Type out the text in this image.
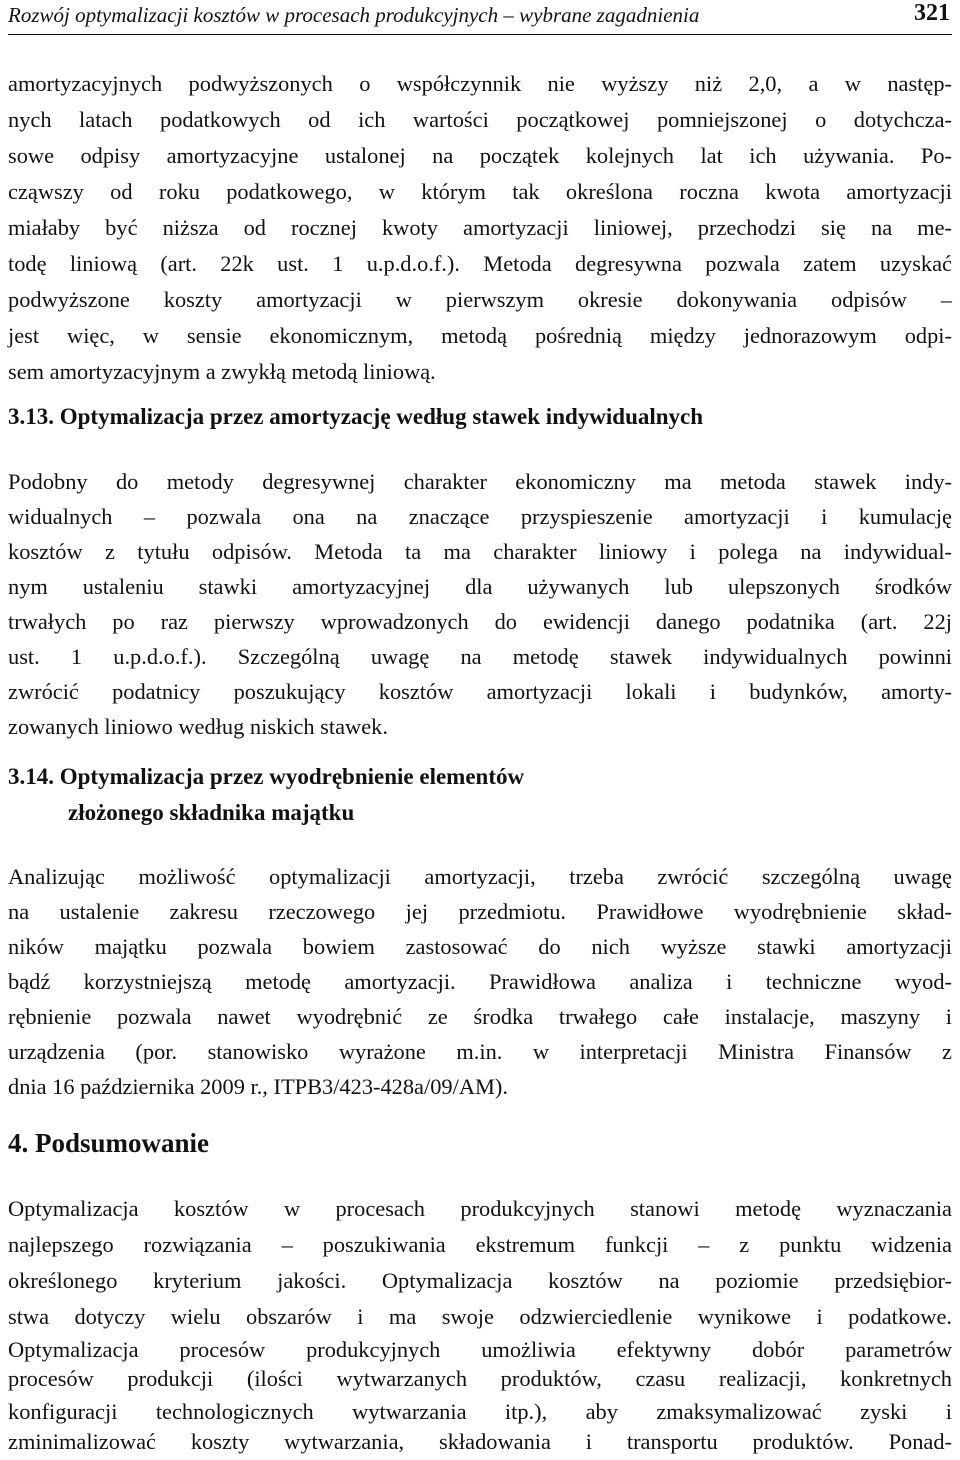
Rozwój optymalizacji kosztów w procesach produkcyjnych – wybrane zagadnienia	321
amortyzacyjnych podwyższonych o współczynnik nie wyższy niż 2,0, a w następ-
nych latach podatkowych od ich wartości początkowej pomniejszonej o dotychcza-
sowe odpisy amortyzacyjne ustalonej na początek kolejnych lat ich używania. Po-
cząwszy od roku podatkowego, w którym tak określona roczna kwota amortyzacji
miałaby być niższa od rocznej kwoty amortyzacji liniowej, przechodzi się na me-
todę liniową (art. 22k ust. 1 u.p.d.o.f.). Metoda degresywna pozwala zatem uzyskać
podwyższone koszty amortyzacji w pierwszym okresie dokonywania odpisów –
jest więc, w sensie ekonomicznym, metodą pośrednią między jednorazowym odpi-
sem amortyzacyjnym a zwykłą metodą liniową.
3.13. Optymalizacja przez amortyzację według stawek indywidualnych
Podobny do metody degresywnej charakter ekonomiczny ma metoda stawek indy-
widualnych – pozwala ona na znaczące przyspieszenie amortyzacji i kumulację
kosztów z tytułu odpisów. Metoda ta ma charakter liniowy i polega na indywidual-
nym ustaleniu stawki amortyzacyjnej dla używanych lub ulepszonych środków
trwałych po raz pierwszy wprowadzonych do ewidencji danego podatnika (art. 22j
ust. 1 u.p.d.o.f.). Szczególną uwagę na metodę stawek indywidualnych powinni
zwrócić podatnicy poszukujący kosztów amortyzacji lokali i budynków, amorty-
zowanych liniowo według niskich stawek.
3.14. Optymalizacja przez wyodrębnienie elementów
złożonego składnika majątku
Analizując możliwość optymalizacji amortyzacji, trzeba zwrócić szczególną uwagę
na ustalenie zakresu rzeczowego jej przedmiotu. Prawidłowe wyodrębnienie skład-
ników majątku pozwala bowiem zastosować do nich wyższe stawki amortyzacji
bądź korzystniejszą metodę amortyzacji. Prawidłowa analiza i techniczne wyod-
rębnienie pozwala nawet wyodrębnić ze środka trwałego całe instalacje, maszyny i
urządzenia (por. stanowisko wyrażone m.in. w interpretacji Ministra Finansów z
dnia 16 października 2009 r., ITPB3/423-428a/09/AM).
4. Podsumowanie
Optymalizacja kosztów w procesach produkcyjnych stanowi metodę wyznaczania
najlepszego rozwiązania – poszukiwania ekstremum funkcji – z punktu widzenia
określonego kryterium jakości. Optymalizacja kosztów na poziomie przedsiębior-
stwa dotyczy wielu obszarów i ma swoje odzwierciedlenie wynikowe i podatkowe.
Optymalizacja procesów produkcyjnych umożliwia efektywny dobór parametrów
procesów produkcji (ilości wytwarzanych produktów, czasu realizacji, konkretnych
konfiguracji technologicznych wytwarzania itp.), aby zmaksymalizować zyski i
zminimalizować koszty wytwarzania, składowania i transportu produktów. Ponad-
